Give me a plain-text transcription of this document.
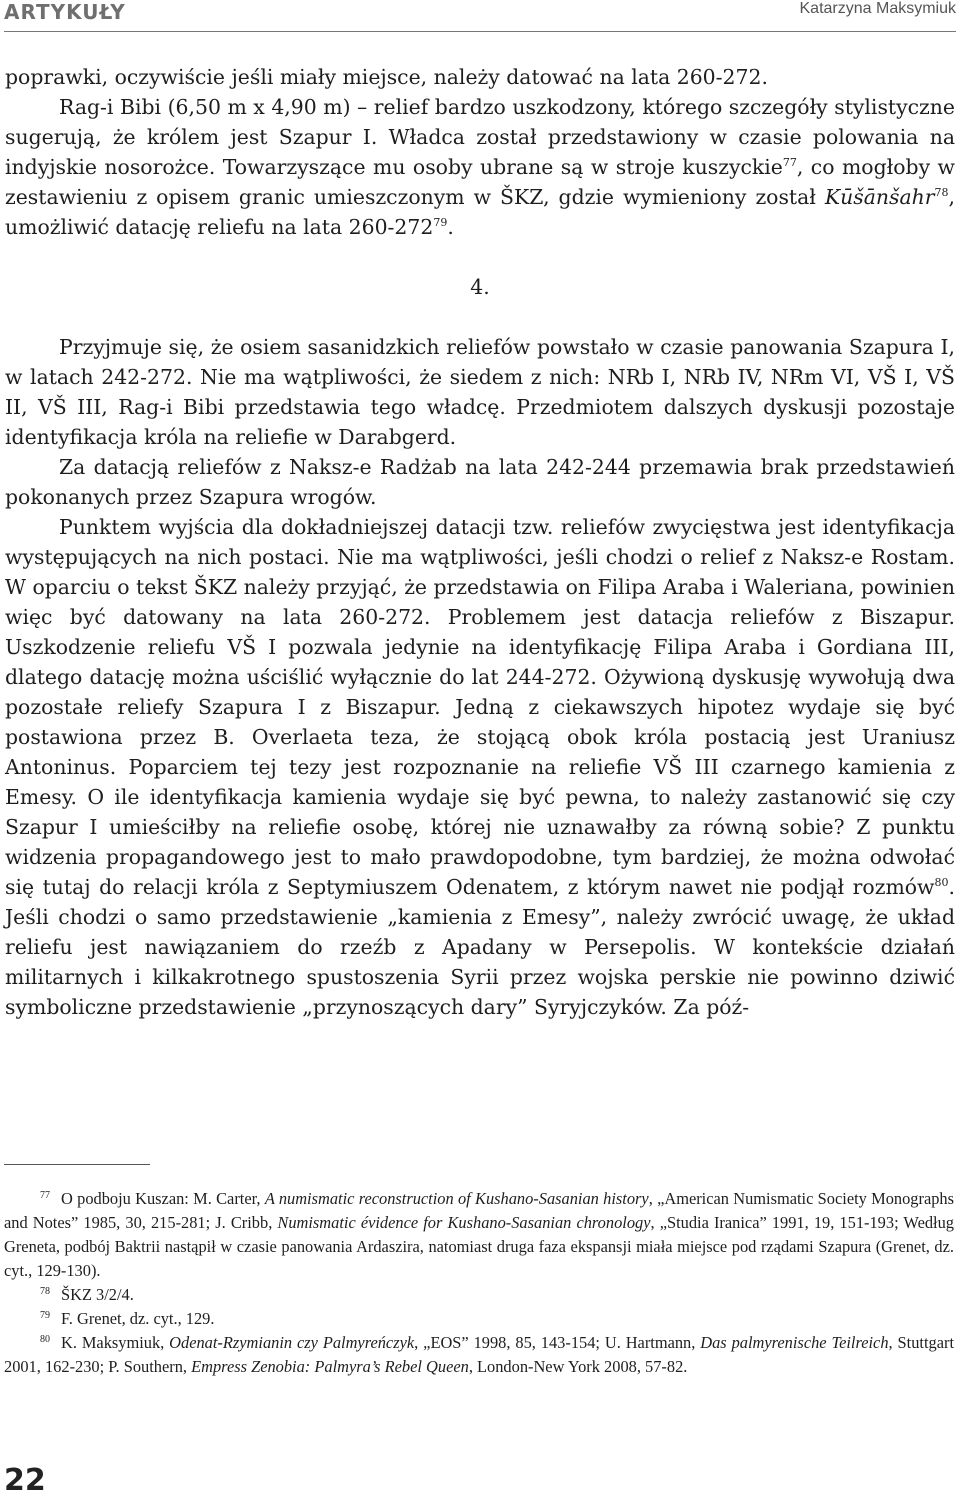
ARTYKUŁY	Katarzyna Maksymiuk

poprawki, oczywiście jeśli miały miejsce, należy datować na lata 260-272.

Rag-i Bibi (6,50 m x 4,90 m) – relief bardzo uszkodzony, którego szczegóły stylistyczne sugerują, że królem jest Szapur I. Władca został przedstawiony w czasie polowania na indyjskie nosorożce. Towarzyszące mu osoby ubrane są w stroje kuszyckie$^{77}$, co mogłoby w zestawieniu z opisem granic umieszczonym w ŠKZ, gdzie wymieniony został Kūšānšahr$^{78}$, umożliwić datację reliefu na lata $260-272^{79}$.

4.

Przyjmuje się, że osiem sasanidzkich reliefów powstało w czasie panowania Szapura I, w latach 242-272. Nie ma wątpliwości, że siedem z nich: NRb I, NRb IV, NRm VI, VŠ I, VŠ II, VŠ III, Rag-i Bibi przedstawia tego władcę. Przedmiotem dalszych dyskusji pozostaje identyfikacja króla na reliefie w Darabgerd.

Za datacją reliefów z Naksz-e Radżab na lata 242-244 przemawia brak przedstawień pokonanych przez Szapura wrogów.

Punktem wyjścia dla dokładniejszej datacji tzw. reliefów zwycięstwa jest identyfikacja występujących na nich postaci. Nie ma wątpliwości, jeśli chodzi o relief z Naksz-e Rostam. W oparciu o tekst ŠKZ należy przyjąć, że przedstawia on Filipa Araba i Waleriana, powinien więc być datowany na lata 260-272. Problemem jest datacja reliefów z Biszapur. Uszkodzenie reliefu VŠ I pozwala jedynie na identyfikację Filipa Araba i Gordiana III, dlatego datację można uściślić wyłącznie do lat 244-272. Ożywioną dyskusję wywołują dwa pozostałe reliefy Szapura I z Biszapur. Jedną z ciekawszych hipotez wydaje się być postawiona przez B. Overlaeta teza, że stojącą obok króla postacią jest Uraniusz Antoninus. Poparciem tej tezy jest rozpoznanie na reliefie VŠ III czarnego kamienia z Emesy. O ile identyfikacja kamienia wydaje się być pewna, to należy zastanowić się czy Szapur I umieściłby na reliefie osobę, której nie uznawałby za równą sobie? Z punktu widzenia propagandowego jest to mało prawdopodobne, tym bardziej, że można odwołać się tutaj do relacji króla z Septymiuszem Odenatem, z którym nawet nie podjął rozmów$^{80}$. Jeśli chodzi o samo przedstawienie „kamienia z Emesy”, należy zwrócić uwagę, że układ reliefu jest nawiązaniem do rzeźb z Apadany w Persepolis. W kontekście działań militarnych i kilkakrotnego spustoszenia Syrii przez wojska perskie nie powinno dziwić symboliczne przedstawienie „przynoszących dary” Syryjczyków. Za póź-

$^{77}$ O podboju Kuszan: M. Carter, A numismatic reconstruction of Kushano-Sasanian history, „American Numismatic Society Monographs and Notes” 1985, 30, 215-281; J. Cribb, Numismatic évidence for Kushano-Sasanian chronology, „Studia Iranica” 1991, 19, 151-193; Według Greneta, podbój Baktrii nastąpił w czasie panowania Ardaszira, natomiast druga faza ekspansji miała miejsce pod rządami Szapura (Grenet, dz. cyt., 129-130).

$^{78}$ ŠKZ 3/2/4.

$^{79}$ F. Grenet, dz. cyt., 129.

$^{80}$ K. Maksymiuk, Odenat-Rzymianin czy Palmyreńczyk, „EOS” 1998, 85, 143-154; U. Hartmann, Das palmyrenische Teilreich, Stuttgart 2001, 162-230; P. Southern, Empress Zenobia: Palmyra’s Rebel Queen, London-New York 2008, 57-82.

22
